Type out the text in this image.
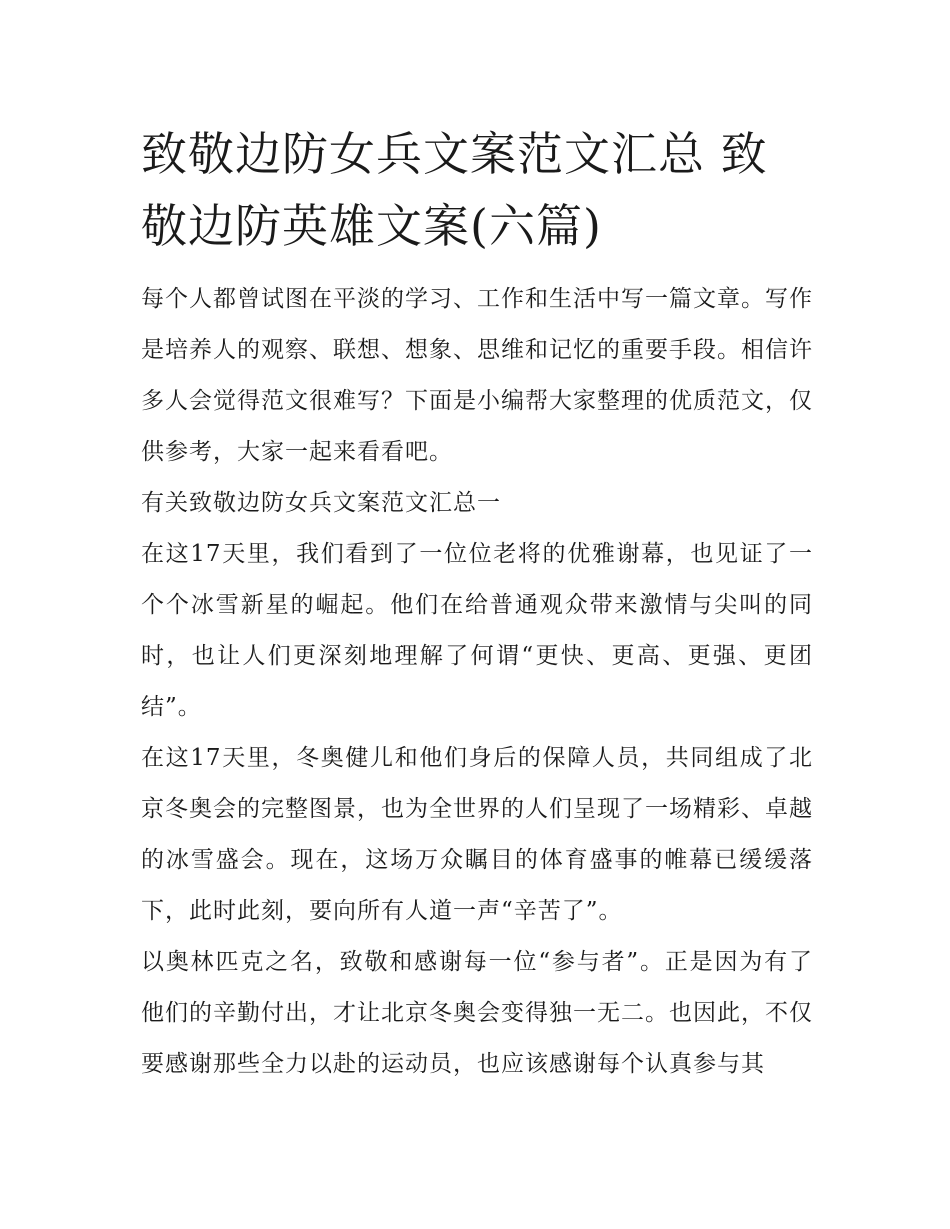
致敬边防女兵文案范文汇总 致敬边防英雄文案(六篇)

每个人都曾试图在平淡的学习、工作和生活中写一篇文章。写作是培养人的观察、联想、想象、思维和记忆的重要手段。相信许多人会觉得范文很难写？下面是小编帮大家整理的优质范文，仅供参考，大家一起来看看吧。

有关致敬边防女兵文案范文汇总一

在这17天里，我们看到了一位位老将的优雅谢幕，也见证了一个个冰雪新星的崛起。他们在给普通观众带来激情与尖叫的同时，也让人们更深刻地理解了何谓“更快、更高、更强、更团结”。

在这17天里，冬奥健儿和他们身后的保障人员，共同组成了北京冬奥会的完整图景，也为全世界的人们呈现了一场精彩、卓越的冰雪盛会。现在，这场万众瞩目的体育盛事的帷幕已缓缓落下，此时此刻，要向所有人道一声“辛苦了”。

以奥林匹克之名，致敬和感谢每一位“参与者”。正是因为有了他们的辛勤付出，才让北京冬奥会变得独一无二。也因此，不仅要感谢那些全力以赴的运动员，也应该感谢每个认真参与其
